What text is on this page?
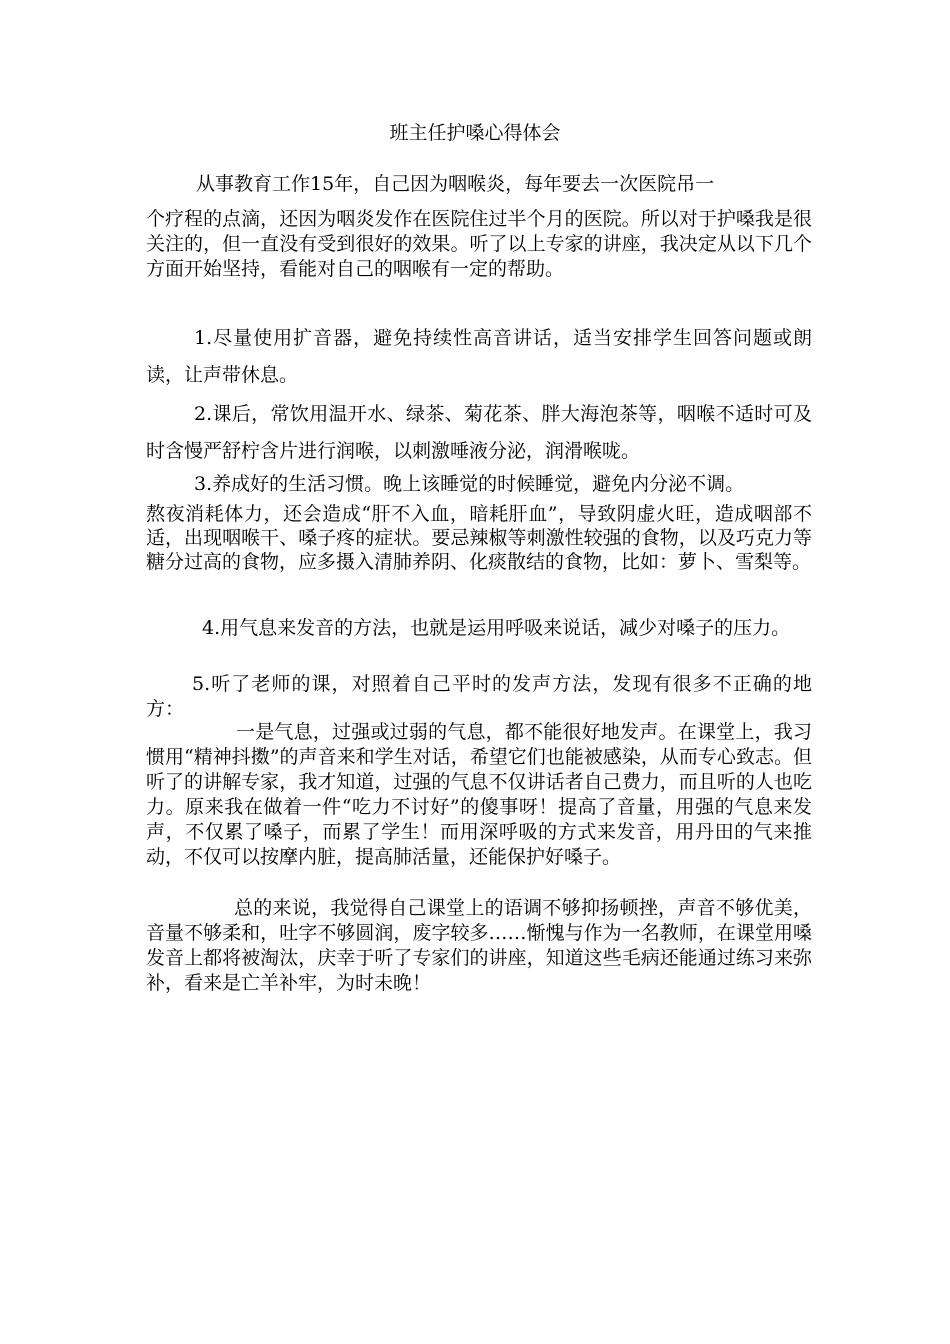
班主任护嗓心得体会
从事教育工作15年，自己因为咽喉炎，每年要去一次医院吊一
个疗程的点滴，还因为咽炎发作在医院住过半个月的医院。所以对于护嗓我是很关注的，但一直没有受到很好的效果。听了以上专家的讲座，我决定从以下几个方面开始坚持，看能对自己的咽喉有一定的帮助。
1.尽量使用扩音器，避免持续性高音讲话，适当安排学生回答问题或朗读，让声带休息。
2.课后，常饮用温开水、绿茶、菊花茶、胖大海泡茶等，咽喉不适时可及时含慢严舒柠含片进行润喉，以刺激唾液分泌，润滑喉咙。
3.养成好的生活习惯。晚上该睡觉的时候睡觉，避免内分泌不调。
熬夜消耗体力，还会造成“肝不入血，暗耗肝血”，导致阴虚火旺，造成咽部不适，出现咽喉干、嗓子疼的症状。要忌辣椒等刺激性较强的食物，以及巧克力等糖分过高的食物，应多摄入清肺养阴、化痰散结的食物，比如：萝卜、雪梨等。
4.用气息来发音的方法，也就是运用呼吸来说话，减少对嗓子的压力。
5.听了老师的课，对照着自己平时的发声方法，发现有很多不正确的地方：
一是气息，过强或过弱的气息，都不能很好地发声。在课堂上，我习惯用“精神抖擞”的声音来和学生对话，希望它们也能被感染，从而专心致志。但听了的讲解专家，我才知道，过强的气息不仅讲话者自己费力，而且听的人也吃力。原来我在做着一件“吃力不讨好”的傻事呀！提高了音量，用强的气息来发声，不仅累了嗓子，而累了学生！而用深呼吸的方式来发音，用丹田的气来推动，不仅可以按摩内脏，提高肺活量，还能保护好嗓子。
总的来说，我觉得自己课堂上的语调不够抑扬顿挫，声音不够优美，音量不够柔和，吐字不够圆润，废字较多……惭愧与作为一名教师，在课堂用嗓发音上都将被淘汰，庆幸于听了专家们的讲座，知道这些毛病还能通过练习来弥补，看来是亡羊补牢，为时未晚！
